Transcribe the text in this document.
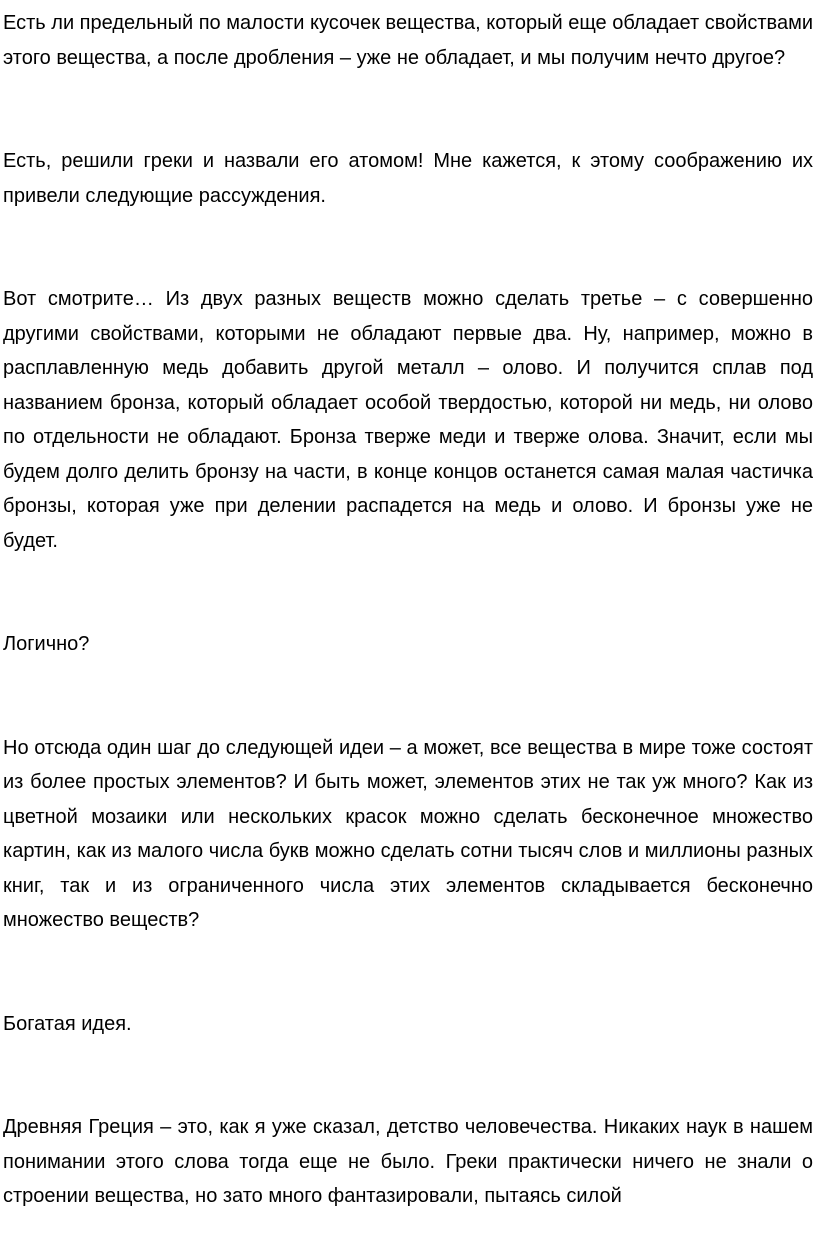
Есть ли предельный по малости кусочек вещества, который еще обладает свойствами этого вещества, а после дробления – уже не обладает, и мы получим нечто другое?

Есть, решили греки и назвали его атомом! Мне кажется, к этому соображению их привели следующие рассуждения.

Вот смотрите… Из двух разных веществ можно сделать третье – с совершенно другими свойствами, которыми не обладают первые два. Ну, например, можно в расплавленную медь добавить другой металл – олово. И получится сплав под названием бронза, который обладает особой твердостью, которой ни медь, ни олово по отдельности не обладают. Бронза тверже меди и тверже олова. Значит, если мы будем долго делить бронзу на части, в конце концов останется самая малая частичка бронзы, которая уже при делении распадется на медь и олово. И бронзы уже не будет.

Логично?

Но отсюда один шаг до следующей идеи – а может, все вещества в мире тоже состоят из более простых элементов? И быть может, элементов этих не так уж много? Как из цветной мозаики или нескольких красок можно сделать бесконечное множество картин, как из малого числа букв можно сделать сотни тысяч слов и миллионы разных книг, так и из ограниченного числа этих элементов складывается бесконечно множество веществ?

Богатая идея.

Древняя Греция – это, как я уже сказал, детство человечества. Никаких наук в нашем понимании этого слова тогда еще не было. Греки практически ничего не знали о строении вещества, но зато много фантазировали, пытаясь силой
